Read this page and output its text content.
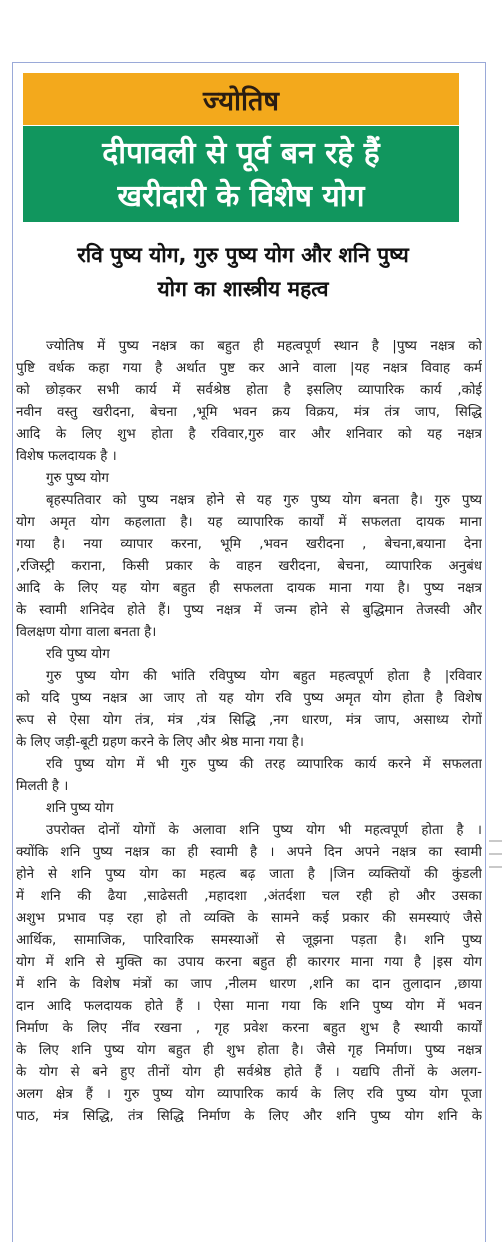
ज्योतिष
दीपावली से पूर्व बन रहे हैं
खरीदारी के विशेष योग
रवि पुष्य योग, गुरु पुष्य योग और शनि पुष्य
योग का शास्त्रीय महत्व
ज्योतिष में पुष्य नक्षत्र का बहुत ही महत्वपूर्ण स्थान है |पुष्य नक्षत्र को
पुष्टि वर्धक कहा गया है अर्थात पुष्ट कर आने वाला |यह नक्षत्र विवाह कर्म
को छोड़कर सभी कार्य में सर्वश्रेष्ठ होता है इसलिए व्यापारिक कार्य ,कोई
नवीन वस्तु खरीदना, बेचना ,भूमि भवन क्रय विक्रय, मंत्र तंत्र जाप, सिद्धि
आदि के लिए शुभ होता है रविवार,गुरु वार और शनिवार को यह नक्षत्र
विशेष फलदायक है ।
गुरु पुष्य योग
बृहस्पतिवार को पुष्य नक्षत्र होने से यह गुरु पुष्य योग बनता है। गुरु पुष्य
योग अमृत योग कहलाता है। यह व्यापारिक कार्यों में सफलता दायक माना
गया है। नया व्यापार करना, भूमि ,भवन खरीदना , बेचना,बयाना देना
,रजिस्ट्री कराना, किसी प्रकार के वाहन खरीदना, बेचना, व्यापारिक अनुबंध
आदि के लिए यह योग बहुत ही सफलता दायक माना गया है। पुष्य नक्षत्र
के स्वामी शनिदेव होते हैं। पुष्य नक्षत्र में जन्म होने से बुद्धिमान तेजस्वी और
विलक्षण योगा वाला बनता है।
रवि पुष्य योग
गुरु पुष्य योग की भांति रविपुष्य योग बहुत महत्वपूर्ण होता है |रविवार
को यदि पुष्य नक्षत्र आ जाए तो यह योग रवि पुष्य अमृत योग होता है विशेष
रूप से ऐसा योग तंत्र, मंत्र ,यंत्र सिद्धि ,नग धारण, मंत्र जाप, असाध्य रोगों
के लिए जड़ी-बूटी ग्रहण करने के लिए और श्रेष्ठ माना गया है।
रवि पुष्य योग में भी गुरु पुष्य की तरह व्यापारिक कार्य करने में सफलता
मिलती है ।
शनि पुष्य योग
उपरोक्त दोनों योगों के अलावा शनि पुष्य योग भी महत्वपूर्ण होता है ।
क्योंकि शनि पुष्य नक्षत्र का ही स्वामी है । अपने दिन अपने नक्षत्र का स्वामी
होने से शनि पुष्य योग का महत्व बढ़ जाता है |जिन व्यक्तियों की कुंडली
में शनि की ढैया ,साढेसती ,महादशा ,अंतर्दशा चल रही हो और उसका
अशुभ प्रभाव पड़ रहा हो तो व्यक्ति के सामने कई प्रकार की समस्याएं जैसे
आर्थिक, सामाजिक, पारिवारिक समस्याओं से जूझना पड़ता है। शनि पुष्य
योग में शनि से मुक्ति का उपाय करना बहुत ही कारगर माना गया है |इस योग
में शनि के विशेष मंत्रों का जाप ,नीलम धारण ,शनि का दान तुलादान ,छाया
दान आदि फलदायक होते हैं । ऐसा माना गया कि शनि पुष्य योग में भवन
निर्माण के लिए नींव रखना , गृह प्रवेश करना बहुत शुभ है स्थायी कार्यों
के लिए शनि पुष्य योग बहुत ही शुभ होता है। जैसे गृह निर्माण। पुष्य नक्षत्र
के योग से बने हुए तीनों योग ही सर्वश्रेष्ठ होते हैं । यद्यपि तीनों के अलग-
अलग क्षेत्र हैं । गुरु पुष्य योग व्यापारिक कार्य के लिए रवि पुष्य योग पूजा
पाठ, मंत्र सिद्धि, तंत्र सिद्धि निर्माण के लिए और शनि पुष्य योग शनि के
